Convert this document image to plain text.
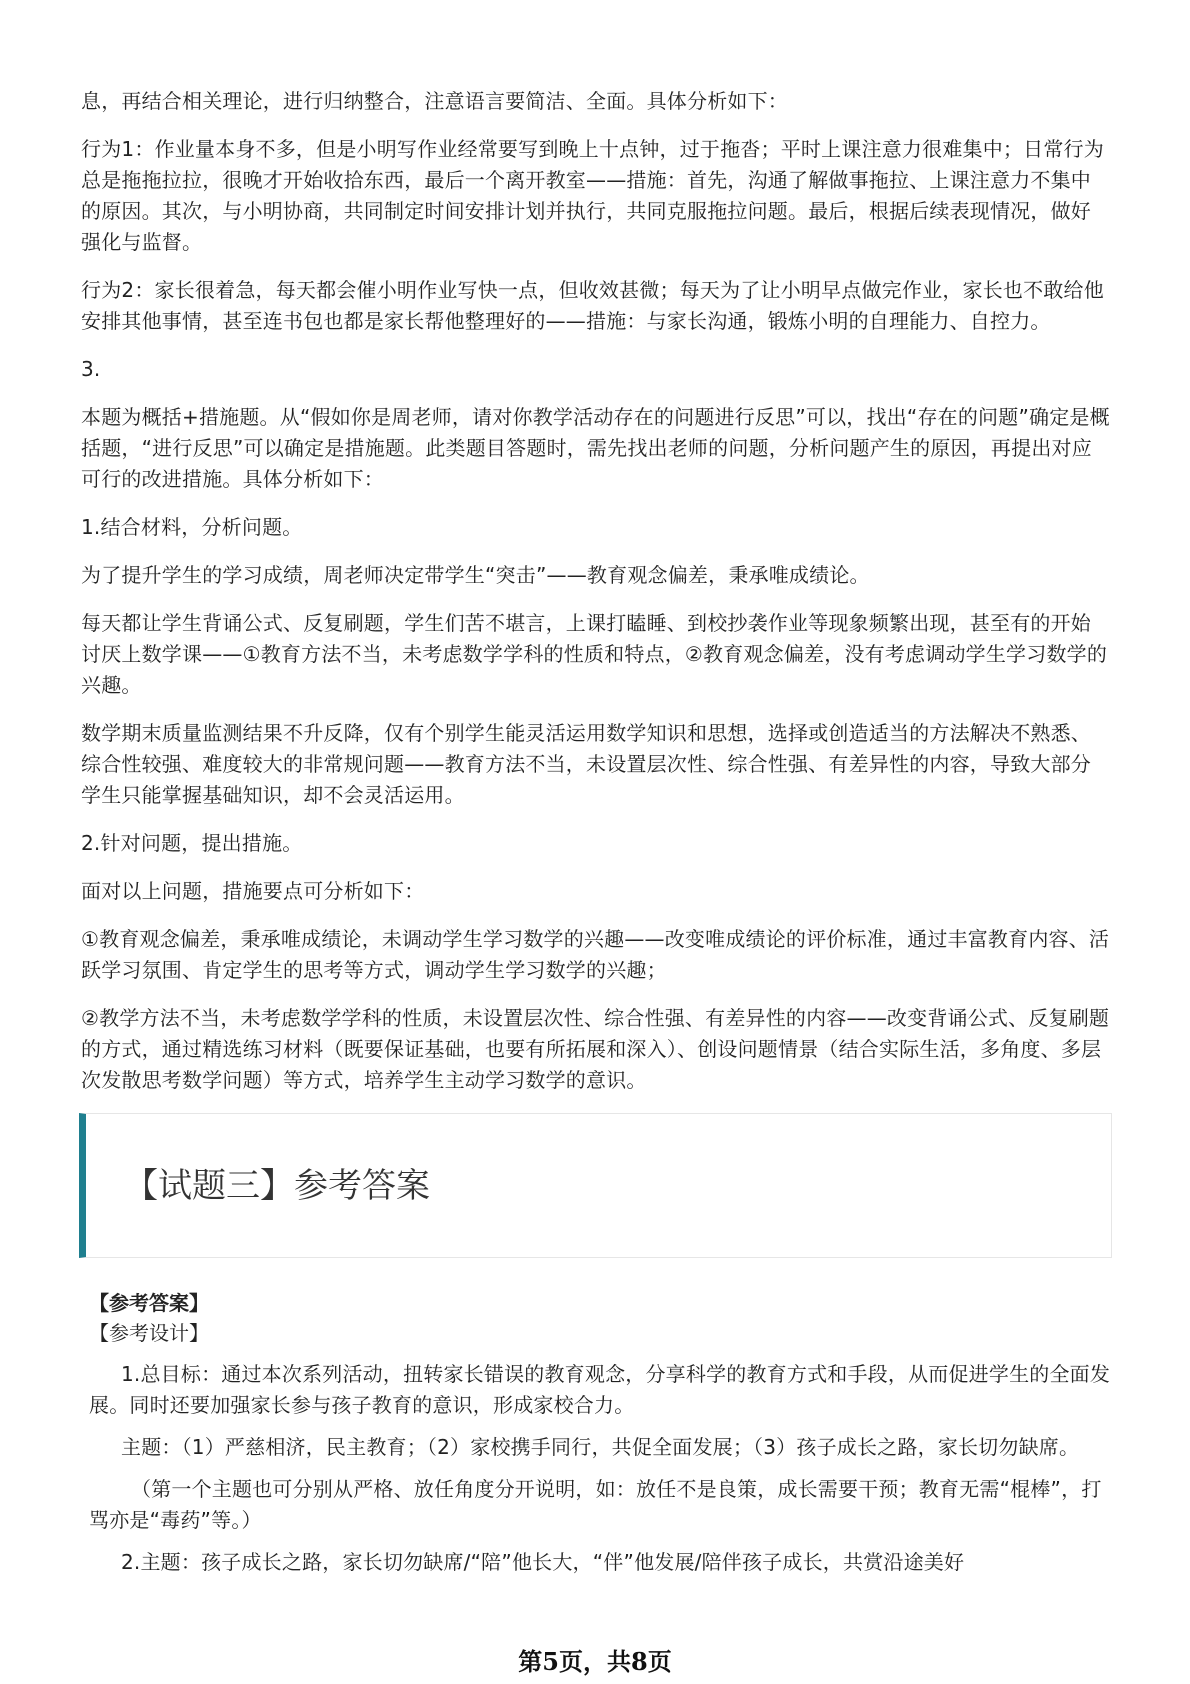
息，再结合相关理论，进行归纳整合，注意语言要简洁、全面。具体分析如下：

行为1：作业量本身不多，但是小明写作业经常要写到晚上十点钟，过于拖沓；平时上课注意力很难集中；日常行为总是拖拖拉拉，很晚才开始收拾东西，最后一个离开教室——措施：首先，沟通了解做事拖拉、上课注意力不集中的原因。其次，与小明协商，共同制定时间安排计划并执行，共同克服拖拉问题。最后，根据后续表现情况，做好强化与监督。

行为2：家长很着急，每天都会催小明作业写快一点，但收效甚微；每天为了让小明早点做完作业，家长也不敢给他安排其他事情，甚至连书包也都是家长帮他整理好的——措施：与家长沟通，锻炼小明的自理能力、自控力。

3.

本题为概括+措施题。从“假如你是周老师，请对你教学活动存在的问题进行反思”可以，找出“存在的问题”确定是概括题，“进行反思”可以确定是措施题。此类题目答题时，需先找出老师的问题，分析问题产生的原因，再提出对应可行的改进措施。具体分析如下：

1.结合材料，分析问题。

为了提升学生的学习成绩，周老师决定带学生“突击”——教育观念偏差，秉承唯成绩论。

每天都让学生背诵公式、反复刷题，学生们苦不堪言，上课打瞌睡、到校抄袭作业等现象频繁出现，甚至有的开始讨厌上数学课——①教育方法不当，未考虑数学学科的性质和特点，②教育观念偏差，没有考虑调动学生学习数学的兴趣。

数学期末质量监测结果不升反降，仅有个别学生能灵活运用数学知识和思想，选择或创造适当的方法解决不熟悉、综合性较强、难度较大的非常规问题——教育方法不当，未设置层次性、综合性强、有差异性的内容，导致大部分学生只能掌握基础知识，却不会灵活运用。

2.针对问题，提出措施。

面对以上问题，措施要点可分析如下：

①教育观念偏差，秉承唯成绩论，未调动学生学习数学的兴趣——改变唯成绩论的评价标准，通过丰富教育内容、活跃学习氛围、肯定学生的思考等方式，调动学生学习数学的兴趣；

②教学方法不当，未考虑数学学科的性质，未设置层次性、综合性强、有差异性的内容——改变背诵公式、反复刷题的方式，通过精选练习材料（既要保证基础，也要有所拓展和深入）、创设问题情景（结合实际生活，多角度、多层次发散思考数学问题）等方式，培养学生主动学习数学的意识。

【试题三】参考答案

【参考答案】

【参考设计】

1.总目标：通过本次系列活动，扭转家长错误的教育观念，分享科学的教育方式和手段，从而促进学生的全面发展。同时还要加强家长参与孩子教育的意识，形成家校合力。

主题：（1）严慈相济，民主教育；（2）家校携手同行，共促全面发展；（3）孩子成长之路，家长切勿缺席。

（第一个主题也可分别从严格、放任角度分开说明，如：放任不是良策，成长需要干预；教育无需“棍棒”，打骂亦是“毒药”等。）

2.主题：孩子成长之路，家长切勿缺席/“陪”他长大，“伴”他发展/陪伴孩子成长，共赏沿途美好

第5页，共8页
